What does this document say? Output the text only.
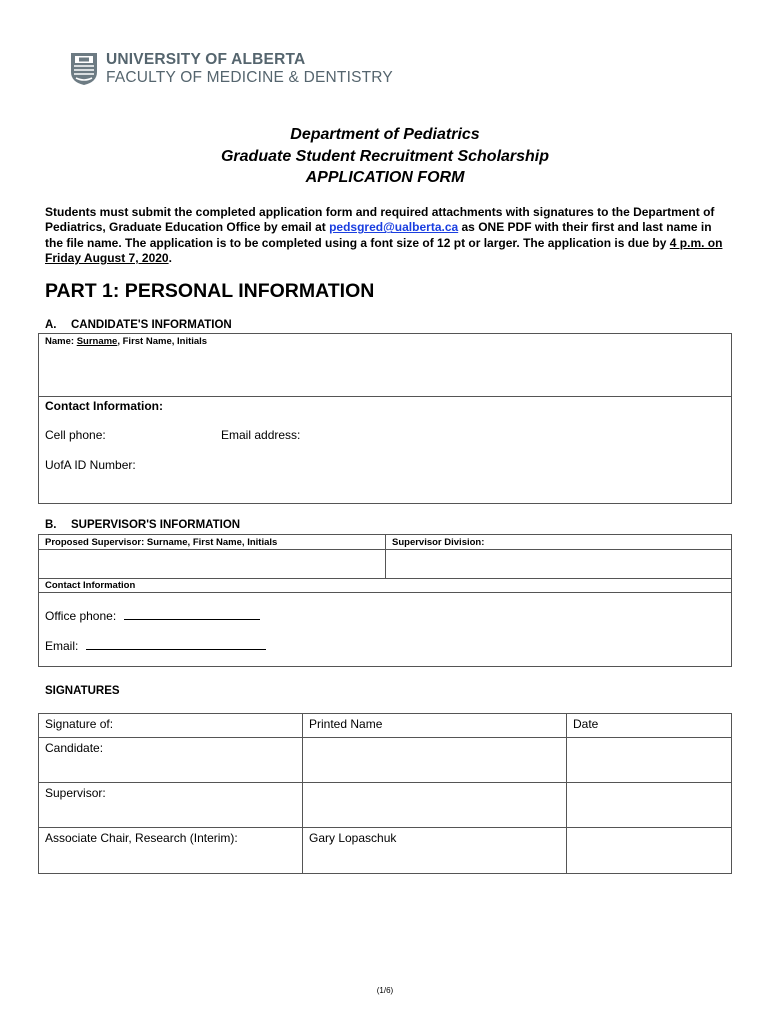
UNIVERSITY OF ALBERTA
FACULTY OF MEDICINE & DENTISTRY
Department of Pediatrics
Graduate Student Recruitment Scholarship
APPLICATION FORM
Students must submit the completed application form and required attachments with signatures to the Department of Pediatrics, Graduate Education Office by email at pedsgred@ualberta.ca as ONE PDF with their first and last name in the file name. The application is to be completed using a font size of 12 pt or larger. The application is due by 4 p.m. on Friday August 7, 2020.
PART 1: PERSONAL INFORMATION
A. CANDIDATE'S INFORMATION
Name: Surname, First Name, Initials
Contact Information:
Cell phone:	Email address:
UofA ID Number:
B. SUPERVISOR'S INFORMATION
Proposed Supervisor: Surname, First Name, Initials	Supervisor Division:
Contact Information
Office phone:
Email:
SIGNATURES
Signature of:	Printed Name	Date
Candidate:		
Supervisor:		
Associate Chair, Research (Interim):	Gary Lopaschuk	
(1/6)
